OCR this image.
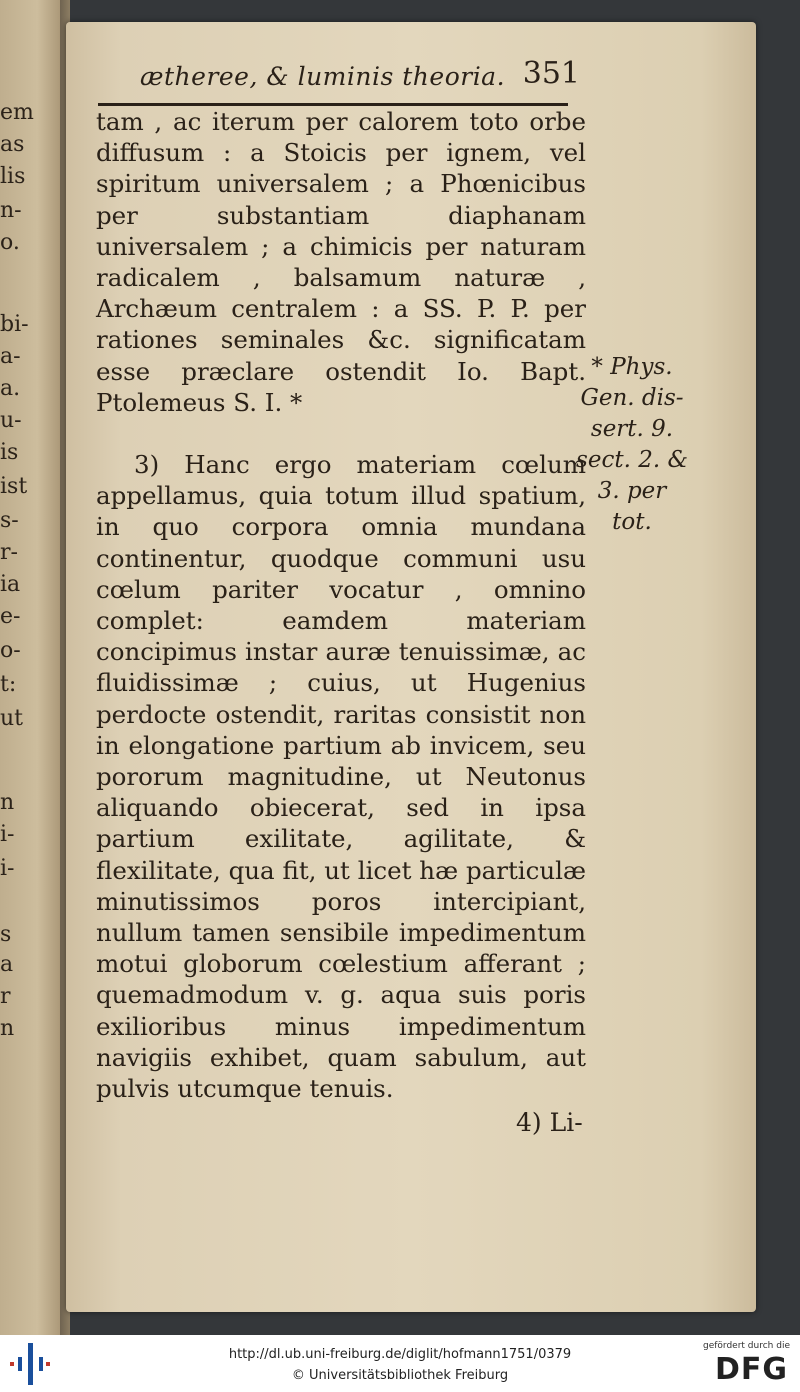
em
as
lis
n-
o.
bi-
a-
a.
u-
is
ist
s-
r-
ia
e-
o-
t:
ut
n
i-
i-
s
a
r
n
ætheree, & luminis theoria. 351

tam , ac iterum per calorem toto orbe diffusum : a Stoicis per ignem, vel spiritum universalem ; a Phœnicibus per substantiam diaphanam universalem ; a chimicis per naturam radicalem , balsamum naturæ , Archæum centralem : a SS. P. P. per rationes seminales &c. significatam esse præclare ostendit Io. Bapt. Ptolemeus S. I. *

3) Hanc ergo materiam cœlum appellamus, quia totum illud spatium, in quo corpora omnia mundana continentur, quodque communi usu cœlum pariter vocatur , omnino complet: eamdem materiam concipimus instar auræ tenuissimæ, ac fluidissimæ ; cuius, ut Hugenius perdocte ostendit, raritas consistit non in elongatione partium ab invicem, seu pororum magnitudine, ut Neutonus aliquando obiecerat, sed in ipsa partium exilitate, agilitate, & flexilitate, qua fit, ut licet hæ particulæ minutissimos poros intercipiant, nullum tamen sensibile impedimentum motui globorum cœlestium afferant ; quemadmodum v. g. aqua suis poris exilioribus minus impedimentum navigiis exhibet, quam sabulum, aut pulvis utcumque tenuis.

* Phys.
Gen. dis-
sert. 9.
sect. 2. &
3. per
tot.
4) Li-
http://dl.ub.uni-freiburg.de/diglit/hofmann1751/0379
© Universitätsbibliothek Freiburg
gefördert durch die
DFG
